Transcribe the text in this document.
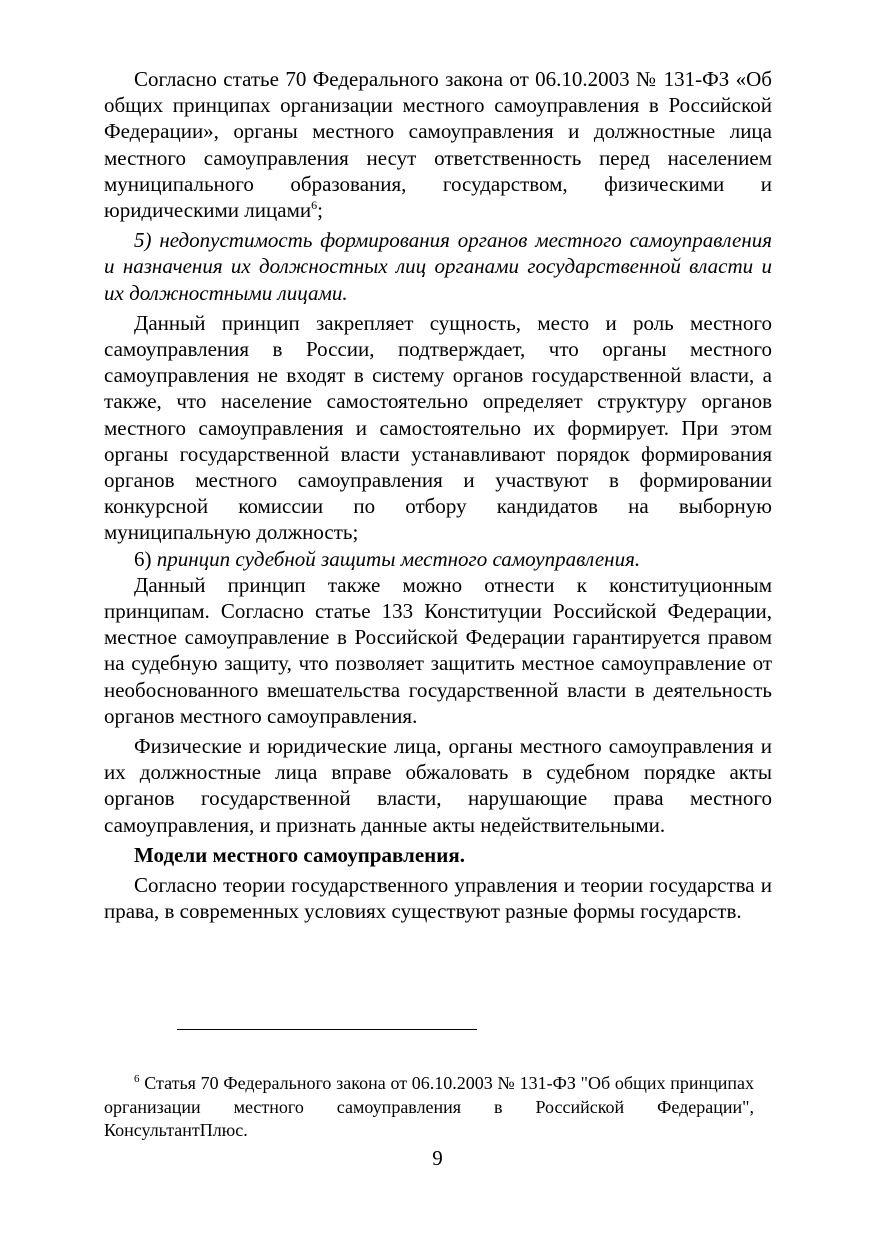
Согласно статье 70 Федерального закона от 06.10.2003 № 131-ФЗ «Об общих принципах организации местного самоуправления в Российской Федерации», органы местного самоуправления и должностные лица местного самоуправления несут ответственность перед населением муниципального образования, государством, физическими и юридическими лицами$^6$;

5) недопустимость формирования органов местного самоуправления и назначения их должностных лиц органами государственной власти и их должностными лицами.

Данный принцип закрепляет сущность, место и роль местного самоуправления в России, подтверждает, что органы местного самоуправления не входят в систему органов государственной власти, а также, что население самостоятельно определяет структуру органов местного самоуправления и самостоятельно их формирует. При этом органы государственной власти устанавливают порядок формирования органов местного самоуправления и участвуют в формировании конкурсной комиссии по отбору кандидатов на выборную муниципальную должность;

6) принцип судебной защиты местного самоуправления.

Данный принцип также можно отнести к конституционным принципам. Согласно статье 133 Конституции Российской Федерации, местное самоуправление в Российской Федерации гарантируется правом на судебную защиту, что позволяет защитить местное самоуправление от необоснованного вмешательства государственной власти в деятельность органов местного самоуправления.

Физические и юридические лица, органы местного самоуправления и их должностные лица вправе обжаловать в судебном порядке акты органов государственной власти, нарушающие права местного самоуправления, и признать данные акты недействительными.

Модели местного самоуправления.

Согласно теории государственного управления и теории государства и права, в современных условиях существуют разные формы государств.

$^6$ Статья 70 Федерального закона от 06.10.2003 № 131-ФЗ "Об общих принципах организации местного самоуправления в Российской Федерации", КонсультантПлюс.

9
